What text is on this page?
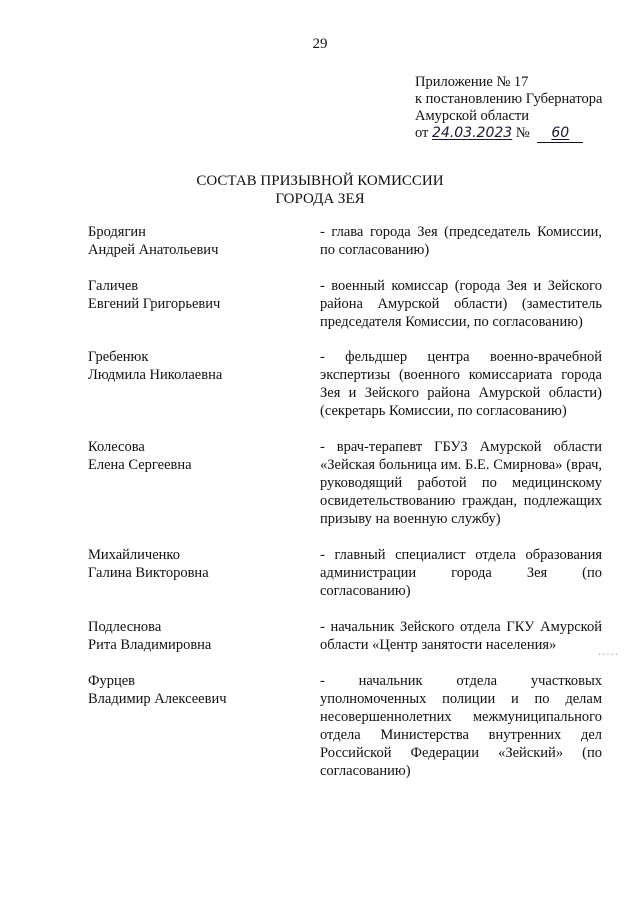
29
Приложение № 17
к постановлению Губернатора
Амурской области
от 24.03.2023 № 60
СОСТАВ ПРИЗЫВНОЙ КОМИССИИ
ГОРОДА ЗЕЯ
Бродягин
Андрей Анатольевич
- глава города Зея (председатель Комиссии, по согласованию)
Галичев
Евгений Григорьевич
- военный комиссар (города Зея и Зейского района Амурской области) (заместитель председателя Комиссии, по согласованию)
Гребенюк
Людмила Николаевна
- фельдшер центра военно-врачебной экспертизы (военного комиссариата города Зея и Зейского района Амурской области) (секретарь Комиссии, по согласованию)
Колесова
Елена Сергеевна
- врач-терапевт ГБУЗ Амурской области «Зейская больница им. Б.Е. Смирнова» (врач, руководящий работой по медицинскому освидетельствованию граждан, подлежащих призыву на военную службу)
Михайличенко
Галина Викторовна
- главный специалист отдела образования администрации города Зея (по согласованию)
Подлеснова
Рита Владимировна
- начальник Зейского отдела ГКУ Амурской области «Центр занятости населения»
Фурцев
Владимир Алексеевич
- начальник отдела участковых уполномоченных полиции и по делам несовершеннолетних межмуниципального отдела Министерства внутренних дел Российской Федерации «Зейский» (по согласованию)
·····
